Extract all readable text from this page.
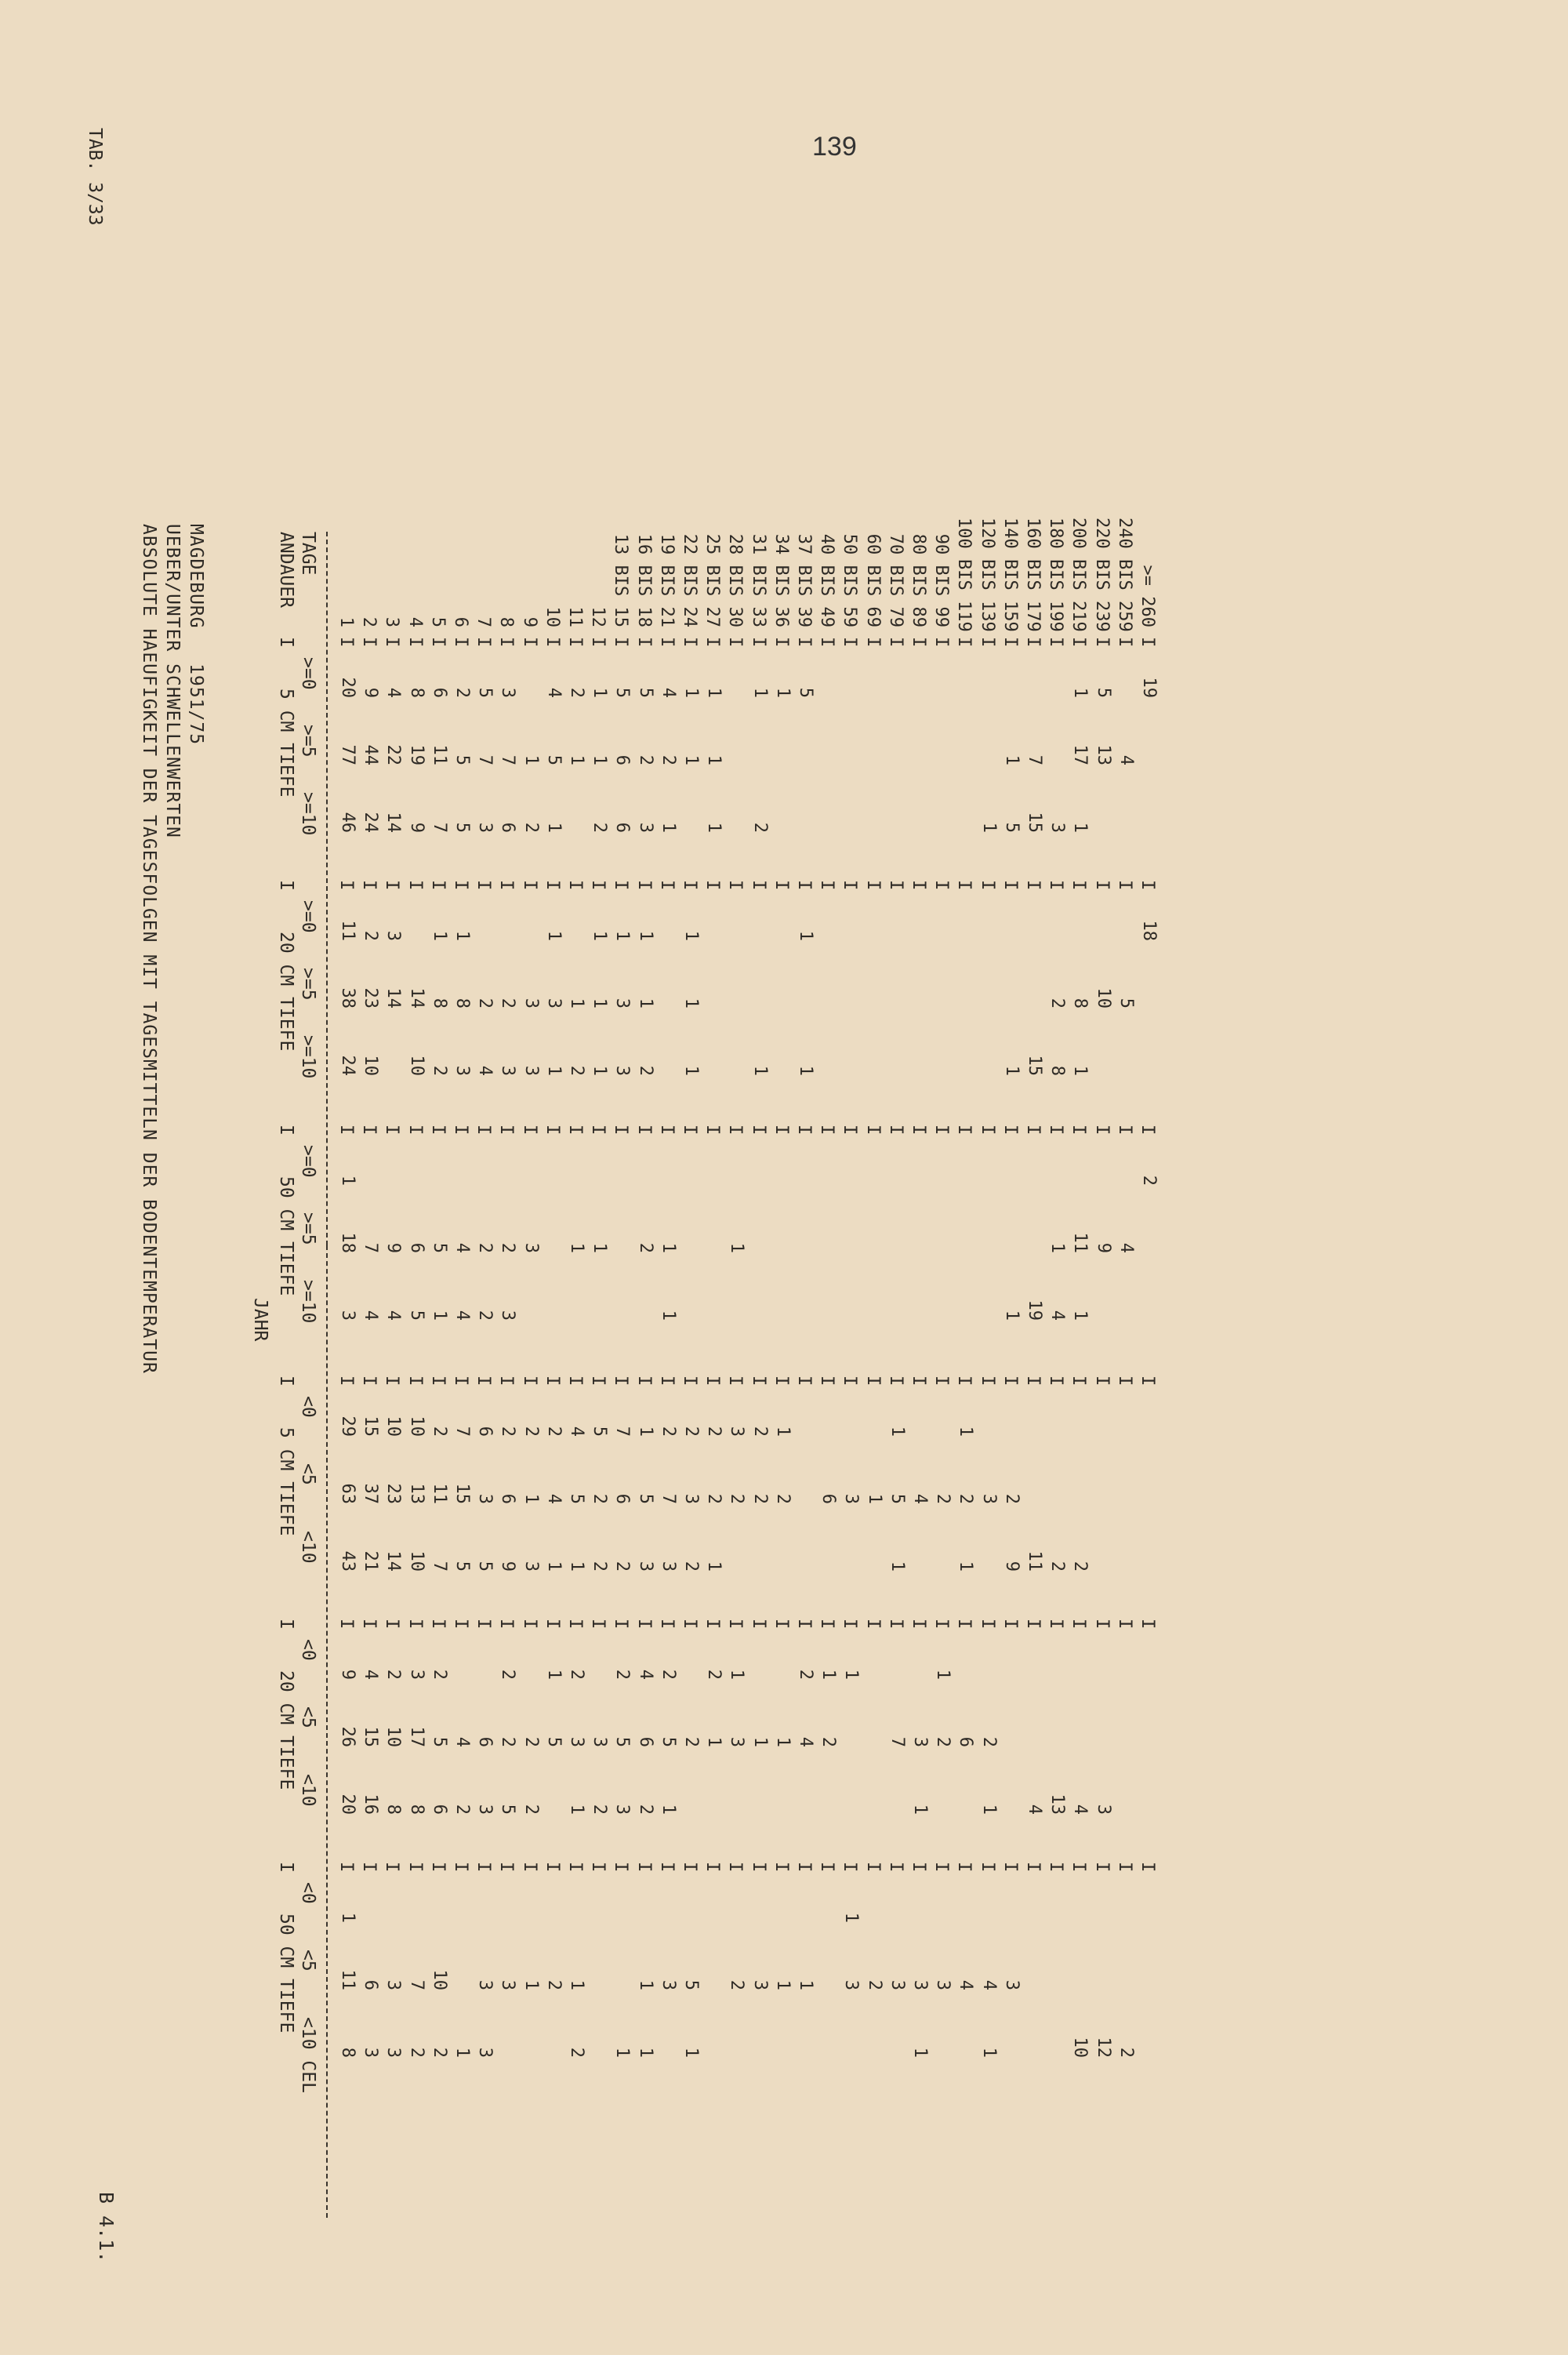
139
B 4.1.
TAB. 3/33
ABSOLUTE HAEUFIGKEIT DER TAGESFOLGEN MIT TAGESMITTELN DER BODENTEMPERATUR UEBER/UNTER SCHWELLENWERTEN MAGDEBURG   1951/75
JAHR
ANDAUER TAGE
5 CM TIEFE
I
>=0
>=5
>=10
20 CM TIEFE
I
>=0
>=5
>=10
50 CM TIEFE
I
>=0
>=5
>=10
5 CM TIEFE
I
<0
<5
<10
20 CM TIEFE
I
<0
<5
<10
50 CM TIEFE
I
<0
<5
<10 CEL
1
I
I
I
I
I
I
20
77
46
11
38
24
1
18
3
29
63
43
9
26
20
1
11
8
2
I
I
I
I
I
I
9
44
24
2
23
10
7
4
15
37
21
4
15
16
6
3
3
I
I
I
I
I
I
4
22
14
3
14
9
4
10
23
14
2
10
8
3
3
4
I
I
I
I
I
I
8
19
9
14
10
6
5
10
13
10
3
17
8
7
2
5
I
I
I
I
I
I
6
11
7
1
8
2
5
1
2
11
7
2
5
6
10
2
6
I
I
I
I
I
I
2
5
5
1
8
3
4
4
7
15
5
4
2
1
7
I
I
I
I
I
I
5
7
3
2
4
2
2
6
3
5
6
3
3
3
8
I
I
I
I
I
I
3
7
6
2
3
2
3
2
6
9
2
2
5
3
9
I
I
I
I
I
I
1
2
3
3
3
2
1
3
2
2
1
10
I
I
I
I
I
I
4
5
1
1
3
1
2
4
1
1
5
2
11
I
I
I
I
I
I
2
1
1
2
1
4
5
1
2
3
1
1
2
12
I
I
I
I
I
I
1
1
2
1
1
1
1
5
2
2
3
2
13 BIS 15
I
I
I
I
I
I
5
6
6
1
3
3
7
6
2
2
5
3
1
16 BIS 18
I
I
I
I
I
I
5
2
3
1
1
2
2
1
5
3
4
6
2
1
1
19 BIS 21
I
I
I
I
I
I
4
2
1
1
1
2
7
3
2
5
1
3
22 BIS 24
I
I
I
I
I
I
1
1
1
1
1
2
3
2
2
5
1
25 BIS 27
I
I
I
I
I
I
1
1
1
2
2
1
2
1
28 BIS 30
I
I
I
I
I
I
1
3
2
1
3
2
31 BIS 33
I
I
I
I
I
I
1
2
1
2
2
1
3
34 BIS 36
I
I
I
I
I
I
1
1
2
1
1
37 BIS 39
I
I
I
I
I
I
5
1
1
2
4
1
40 BIS 49
I
I
I
I
I
I
6
1
2
50 BIS 59
I
I
I
I
I
I
3
1
1
3
60 BIS 69
I
I
I
I
I
I
1
2
70 BIS 79
I
I
I
I
I
I
1
5
1
7
3
80 BIS 89
I
I
I
I
I
I
4
3
1
3
1
90 BIS 99
I
I
I
I
I
I
2
1
2
3
100 BIS 119
I
I
I
I
I
I
1
2
1
6
4
120 BIS 139
I
I
I
I
I
I
1
3
2
1
4
1
140 BIS 159
I
I
I
I
I
I
1
5
1
1
2
9
3
160 BIS 179
I
I
I
I
I
I
7
15
15
19
11
4
180 BIS 199
I
I
I
I
I
I
3
2
8
1
4
2
13
200 BIS 219
I
I
I
I
I
I
1
17
1
8
1
11
1
2
4
10
220 BIS 239
I
I
I
I
I
I
5
13
10
9
3
12
240 BIS 259
I
I
I
I
I
I
4
5
4
2
>= 260
I
I
I
I
I
I
19
18
2
